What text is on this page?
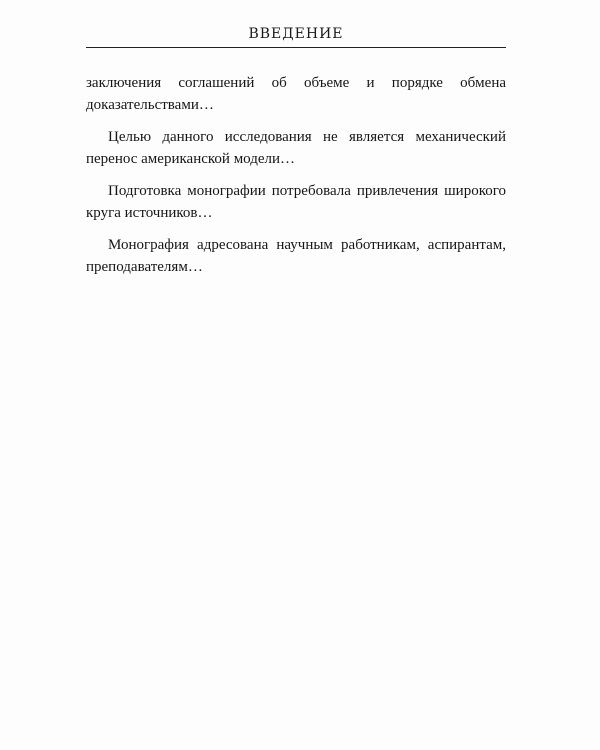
ВВЕДЕНИЕ

заключения соглашений об объеме и порядке обмена доказательствами…

Целью данного исследования не является механический перенос американской модели…

Подготовка монографии потребовала привлечения широкого круга источников…

Монография адресована научным работникам, аспирантам, преподавателям…
